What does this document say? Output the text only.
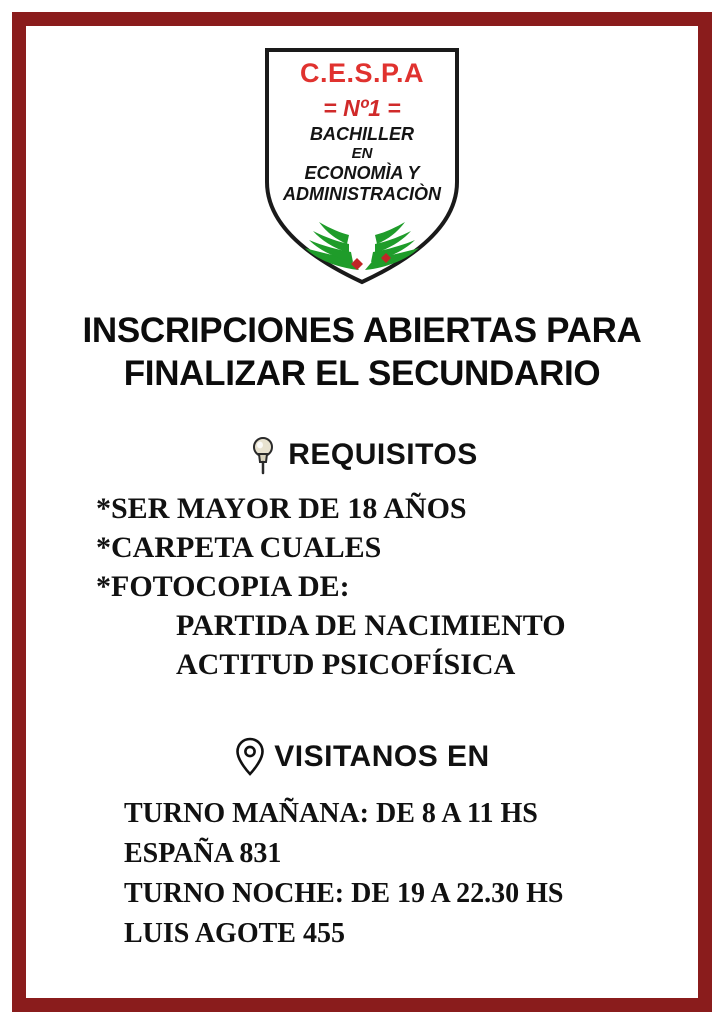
C.E.S.P.A
= Nº1 =
BACHILLER
EN
ECONOMÌA Y
ADMINISTRACIÒN
INSCRIPCIONES ABIERTAS PARA
FINALIZAR EL SECUNDARIO
REQUISITOS
*SER MAYOR DE 18 AÑOS
*CARPETA CUALES
*FOTOCOPIA DE:
PARTIDA DE NACIMIENTO
ACTITUD PSICOFÍSICA
VISITANOS EN
TURNO MAÑANA: DE 8 A 11 HS
ESPAÑA 831
TURNO NOCHE: DE 19 A 22.30 HS
LUIS AGOTE 455
